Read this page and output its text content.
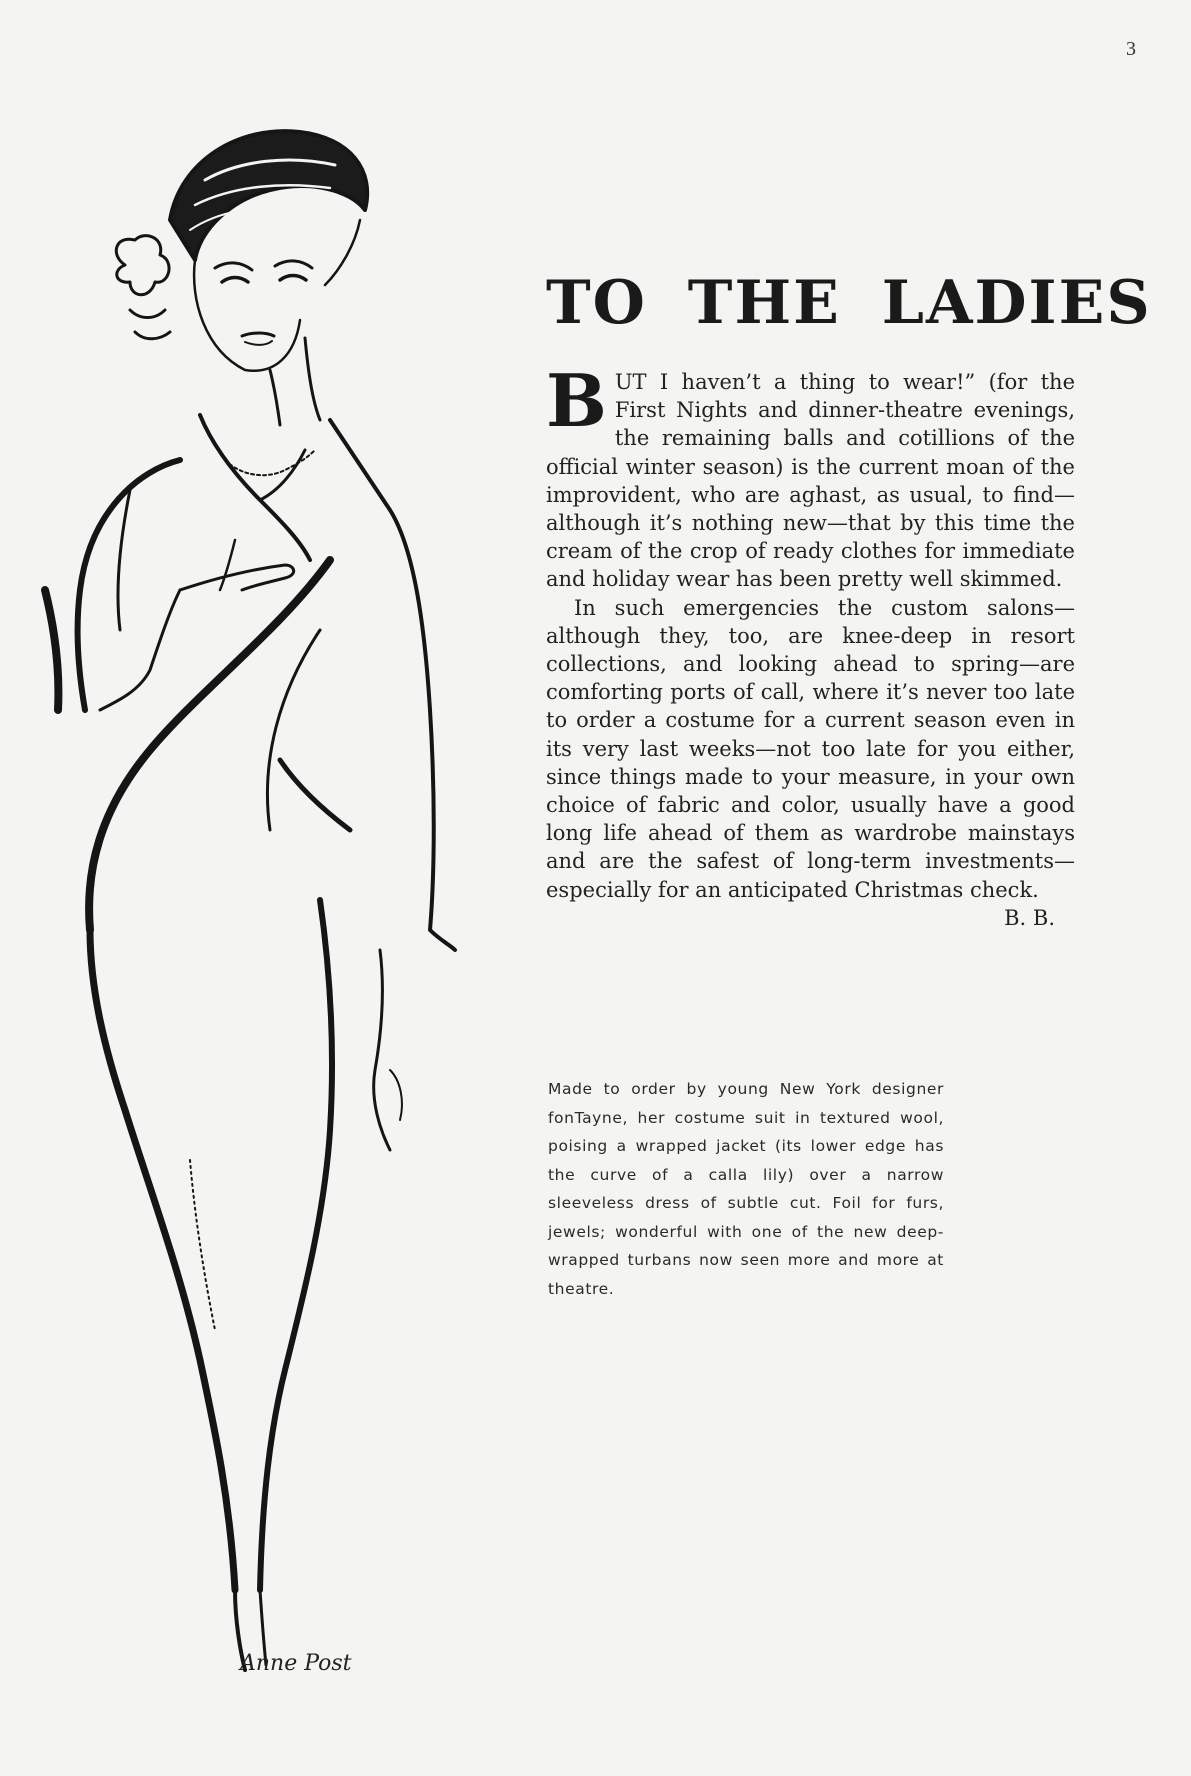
3
Anne Post
TO THE LADIES

BUT I haven’t a thing to wear!” (for the First Nights and dinner-theatre evenings, the remaining balls and cotillions of the official winter season) is the current moan of the improvident, who are aghast, as usual, to find—although it’s nothing new—that by this time the cream of the crop of ready clothes for immediate and holiday wear has been pretty well skimmed.

In such emergencies the custom salons—although they, too, are knee-deep in resort collections, and looking ahead to spring—are comforting ports of call, where it’s never too late to order a costume for a current season even in its very last weeks—not too late for you either, since things made to your measure, in your own choice of fabric and color, usually have a good long life ahead of them as wardrobe mainstays and are the safest of long-term investments—especially for an anticipated Christmas check.
B. B.

Made to order by young New York designer fonTayne, her costume suit in textured wool, poising a wrapped jacket (its lower edge has the curve of a calla lily) over a narrow sleeveless dress of subtle cut. Foil for furs, jewels; wonderful with one of the new deep-wrapped turbans now seen more and more at theatre.
